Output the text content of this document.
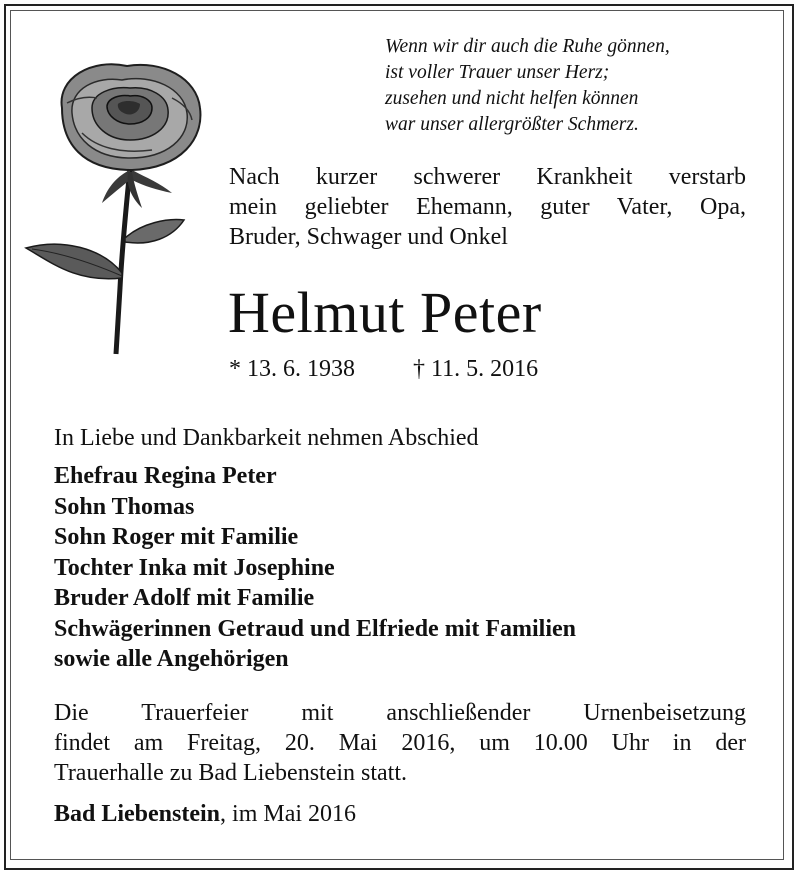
Wenn wir dir auch die Ruhe gönnen,
ist voller Trauer unser Herz;
zusehen und nicht helfen können
war unser allergrößter Schmerz.
Nach kurzer schwerer Krankheit verstarb
mein geliebter Ehemann, guter Vater, Opa,
Bruder, Schwager und Onkel
Helmut Peter
* 13. 6. 1938 † 11. 5. 2016
In Liebe und Dankbarkeit nehmen Abschied
Ehefrau Regina Peter
Sohn Thomas
Sohn Roger mit Familie
Tochter Inka mit Josephine
Bruder Adolf mit Familie
Schwägerinnen Getraud und Elfriede mit Familien
sowie alle Angehörigen
Die Trauerfeier mit anschließender Urnenbeisetzung
findet am Freitag, 20. Mai 2016, um 10.00 Uhr in der
Trauerhalle zu Bad Liebenstein statt.
Bad Liebenstein, im Mai 2016
